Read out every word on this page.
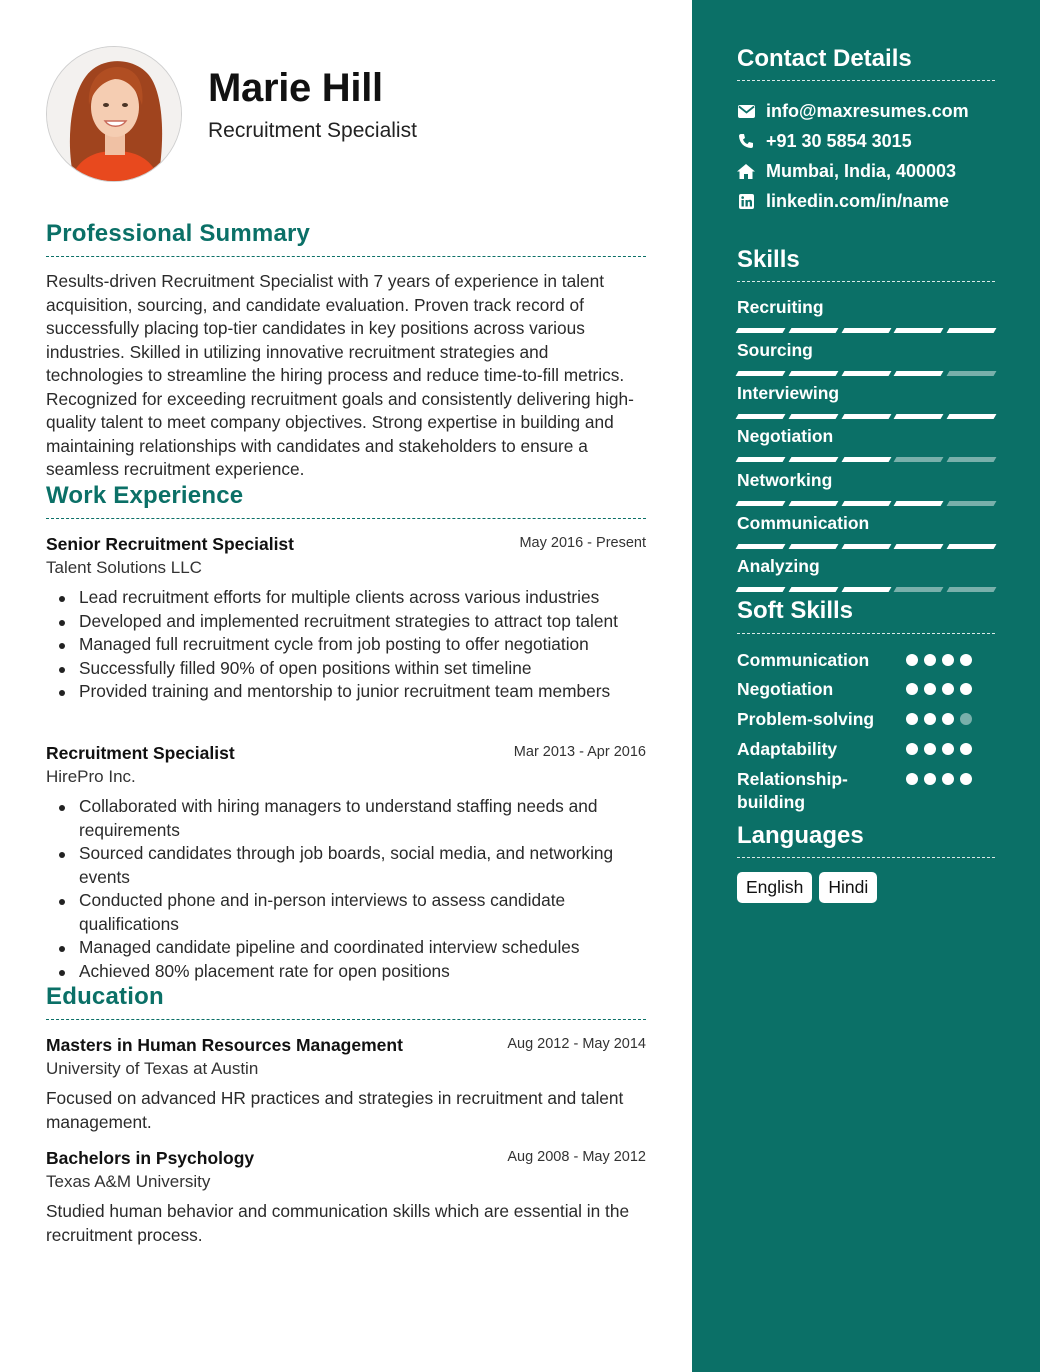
Marie Hill
Recruitment Specialist
Professional Summary
Results-driven Recruitment Specialist with 7 years of experience in talent acquisition, sourcing, and candidate evaluation. Proven track record of successfully placing top-tier candidates in key positions across various industries. Skilled in utilizing innovative recruitment strategies and technologies to streamline the hiring process and reduce time-to-fill metrics. Recognized for exceeding recruitment goals and consistently delivering high-quality talent to meet company objectives. Strong expertise in building and maintaining relationships with candidates and stakeholders to ensure a seamless recruitment experience.
Work Experience
Senior Recruitment Specialist	May 2016 - Present
Talent Solutions LLC
Lead recruitment efforts for multiple clients across various industries
Developed and implemented recruitment strategies to attract top talent
Managed full recruitment cycle from job posting to offer negotiation
Successfully filled 90% of open positions within set timeline
Provided training and mentorship to junior recruitment team members
Recruitment Specialist	Mar 2013 - Apr 2016
HirePro Inc.
Collaborated with hiring managers to understand staffing needs and requirements
Sourced candidates through job boards, social media, and networking events
Conducted phone and in-person interviews to assess candidate qualifications
Managed candidate pipeline and coordinated interview schedules
Achieved 80% placement rate for open positions
Education
Masters in Human Resources Management	Aug 2012 - May 2014
University of Texas at Austin
Focused on advanced HR practices and strategies in recruitment and talent management.
Bachelors in Psychology	Aug 2008 - May 2012
Texas A&M University
Studied human behavior and communication skills which are essential in the recruitment process.
Contact Details
info@maxresumes.com
+91 30 5854 3015
Mumbai, India, 400003
linkedin.com/in/name
Skills
Recruiting
Sourcing
Interviewing
Negotiation
Networking
Communication
Analyzing
Soft Skills
Communication
Negotiation
Problem-solving
Adaptability
Relationship-building
Languages
English	Hindi
